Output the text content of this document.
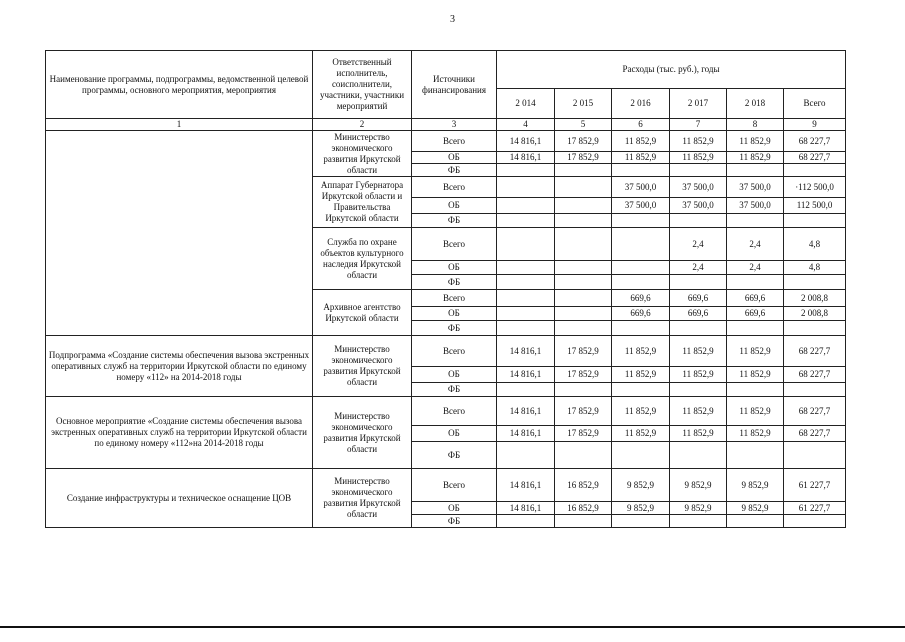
3
Наименование программы, подпрограммы, ведомственной целевой программы, основного мероприятия, мероприятия	Ответственный исполнитель, соисполнители, участники, участники мероприятий	Источники финансирования	Расходы (тыс. руб.), годы					
			2 014	2 015	2 016	2 017	2 018	Всего
1	2	3	4	5	6	7	8	9
	Министерство экономического развития Иркутской области	Всего	14 816,1	17 852,9	11 852,9	11 852,9	11 852,9	68 227,7
		ОБ	14 816,1	17 852,9	11 852,9	11 852,9	11 852,9	68 227,7
		ФБ						
	Аппарат Губернатора Иркутской области и Правительства Иркутской области	Всего			37 500,0	37 500,0	37 500,0	·112 500,0
		ОБ			37 500,0	37 500,0	37 500,0	112 500,0
		ФБ						
	Служба по охране объектов культурного наследия Иркутской области	Всего				2,4	2,4	4,8
		ОБ				2,4	2,4	4,8
		ФБ						
	Архивное агентство Иркутской области	Всего			669,6	669,6	669,6	2 008,8
		ОБ			669,6	669,6	669,6	2 008,8
		ФБ						
Подпрограмма «Создание системы обеспечения вызова экстренных оперативных служб на территории Иркутской области по единому номеру «112» на 2014-2018 годы	Министерство экономического развития Иркутской области	Всего	14 816,1	17 852,9	11 852,9	11 852,9	11 852,9	68 227,7
		ОБ	14 816,1	17 852,9	11 852,9	11 852,9	11 852,9	68 227,7
		ФБ						
Основное мероприятие «Создание системы обеспечения вызова экстренных оперативных служб на территории Иркутской области по единому номеру «112»на 2014-2018 годы	Министерство экономического развития Иркутской области	Всего	14 816,1	17 852,9	11 852,9	11 852,9	11 852,9	68 227,7
		ОБ	14 816,1	17 852,9	11 852,9	11 852,9	11 852,9	68 227,7
		ФБ						
Создание инфраструктуры и техническое оснащение ЦОВ	Министерство экономического развития Иркутской области	Всего	14 816,1	16 852,9	9 852,9	9 852,9	9 852,9	61 227,7
		ОБ	14 816,1	16 852,9	9 852,9	9 852,9	9 852,9	61 227,7
		ФБ						
